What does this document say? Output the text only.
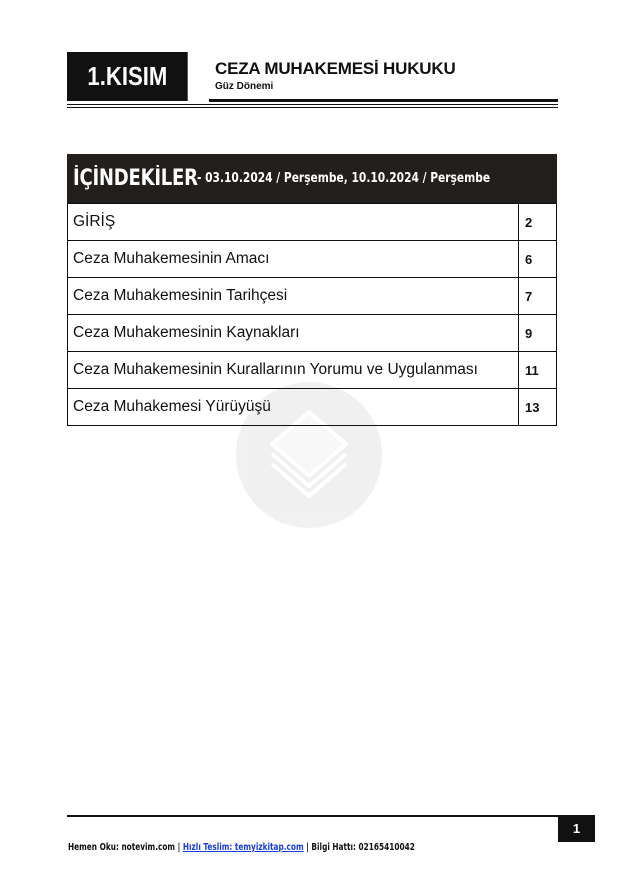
1.KISIM	CEZA MUHAKEMESİ HUKUKU
Güz Dönemi
İÇİNDEKİLER - 03.10.2024 / Perşembe, 10.10.2024 / Perşembe
GİRİŞ	2
Ceza Muhakemesinin Amacı	6
Ceza Muhakemesinin Tarihçesi	7
Ceza Muhakemesinin Kaynakları	9
Ceza Muhakemesinin Kurallarının Yorumu ve Uygulanması	11
Ceza Muhakemesi Yürüyüşü	13
1
Hemen Oku: notevim.com | Hızlı Teslim: temyizkitap.com | Bilgi Hattı: 02165410042
